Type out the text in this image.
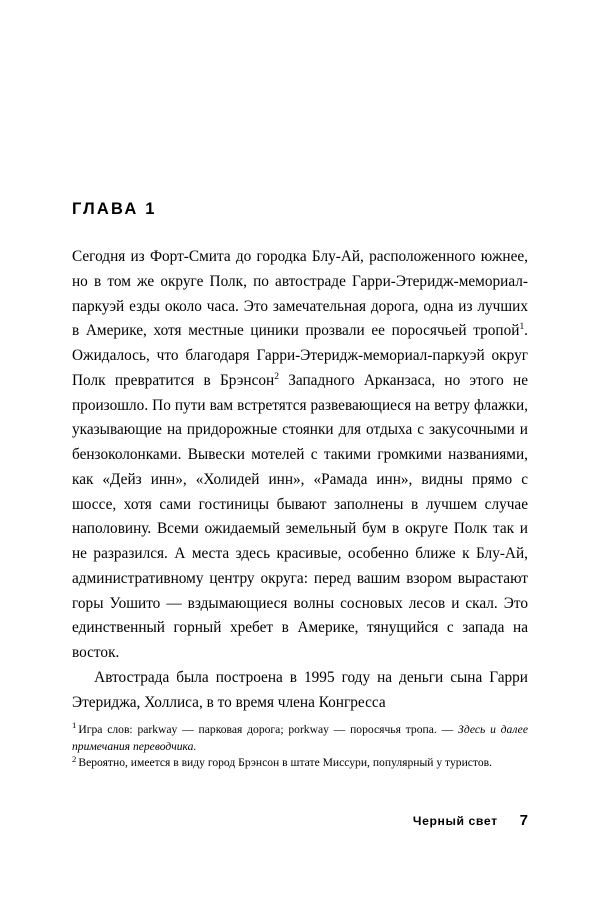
ГЛАВА 1

Сегодня из Форт-Смита до городка Блу-Ай, расположенного южнее, но в том же округе Полк, по автостраде Гарри-Этеридж-мемориал-паркуэй езды около часа. Это замечательная дорога, одна из лучших в Америке, хотя местные циники прозвали ее поросячьей тропой$^1$. Ожидалось, что благодаря Гарри-Этеридж-мемориал-паркуэй округ Полк превратится в Брэнсон$^2$ Западного Арканзаса, но этого не произошло. По пути вам встретятся развевающиеся на ветру флажки, указывающие на придорожные стоянки для отдыха с закусочными и бензоколонками. Вывески мотелей с такими громкими названиями, как «Дейз инн», «Холидей инн», «Рамада инн», видны прямо с шоссе, хотя сами гостиницы бывают заполнены в лучшем случае наполовину. Всеми ожидаемый земельный бум в округе Полк так и не разразился. А места здесь красивые, особенно ближе к Блу-Ай, административному центру округа: перед вашим взором вырастают горы Уошито — вздымающиеся волны сосновых лесов и скал. Это единственный горный хребет в Америке, тянущийся с запада на восток.

Автострада была построена в 1995 году на деньги сына Гарри Этериджа, Холлиса, в то время члена Конгресса

$^1$ Игра слов: parkway — парковая дорога; porkway — поросячья тропа. — Здесь и далее примечания переводчика.

$^2$ Вероятно, имеется в виду город Брэнсон в штате Миссури, популярный у туристов.

Черный свет 7
